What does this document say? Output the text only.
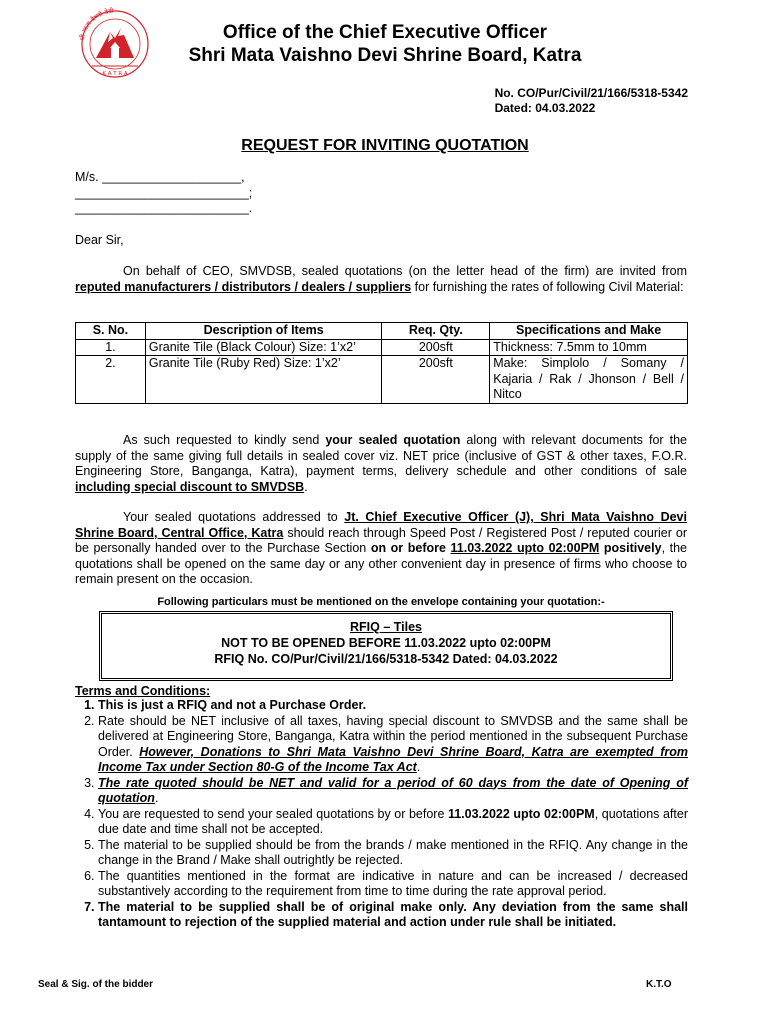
श्री माता वैष्णो देवी
K A T R A
Office of the Chief Executive Officer
Shri Mata Vaishno Devi Shrine Board, Katra
No. CO/Pur/Civil/21/166/5318-5342
Dated: 04.03.2022
REQUEST FOR INVITING QUOTATION
M/s. ____________________,
_________________________;
_________________________.
Dear Sir,
On behalf of CEO, SMVDSB, sealed quotations (on the letter head of the firm) are invited from reputed manufacturers / distributors / dealers / suppliers for furnishing the rates of following Civil Material:
S. No.	Description of Items	Req. Qty.	Specifications and Make
1.	Granite Tile (Black Colour) Size: 1’x2’	200sft	Thickness: 7.5mm to 10mm
2.	Granite Tile (Ruby Red) Size: 1’x2’	200sft	Make: Simplolo / Somany / Kajaria / Rak / Jhonson / Bell / Nitco
As such requested to kindly send your sealed quotation along with relevant documents for the supply of the same giving full details in sealed cover viz. NET price (inclusive of GST & other taxes, F.O.R. Engineering Store, Banganga, Katra), payment terms, delivery schedule and other conditions of sale including special discount to SMVDSB.
Your sealed quotations addressed to Jt. Chief Executive Officer (J), Shri Mata Vaishno Devi Shrine Board, Central Office, Katra should reach through Speed Post / Registered Post / reputed courier or be personally handed over to the Purchase Section on or before 11.03.2022 upto 02:00PM positively, the quotations shall be opened on the same day or any other convenient day in presence of firms who choose to remain present on the occasion.
Following particulars must be mentioned on the envelope containing your quotation:-
RFIQ – Tiles
NOT TO BE OPENED BEFORE 11.03.2022 upto 02:00PM
RFIQ No. CO/Pur/Civil/21/166/5318-5342 Dated: 04.03.2022
Terms and Conditions:
1. This is just a RFIQ and not a Purchase Order.
2. Rate should be NET inclusive of all taxes, having special discount to SMVDSB and the same shall be delivered at Engineering Store, Banganga, Katra within the period mentioned in the subsequent Purchase Order. However, Donations to Shri Mata Vaishno Devi Shrine Board, Katra are exempted from Income Tax under Section 80-G of the Income Tax Act.
3. The rate quoted should be NET and valid for a period of 60 days from the date of Opening of quotation.
4. You are requested to send your sealed quotations by or before 11.03.2022 upto 02:00PM, quotations after due date and time shall not be accepted.
5. The material to be supplied should be from the brands / make mentioned in the RFIQ. Any change in the change in the Brand / Make shall outrightly be rejected.
6. The quantities mentioned in the format are indicative in nature and can be increased / decreased substantively according to the requirement from time to time during the rate approval period.
7. The material to be supplied shall be of original make only. Any deviation from the same shall tantamount to rejection of the supplied material and action under rule shall be initiated.
Seal & Sig. of the bidder	K.T.O
